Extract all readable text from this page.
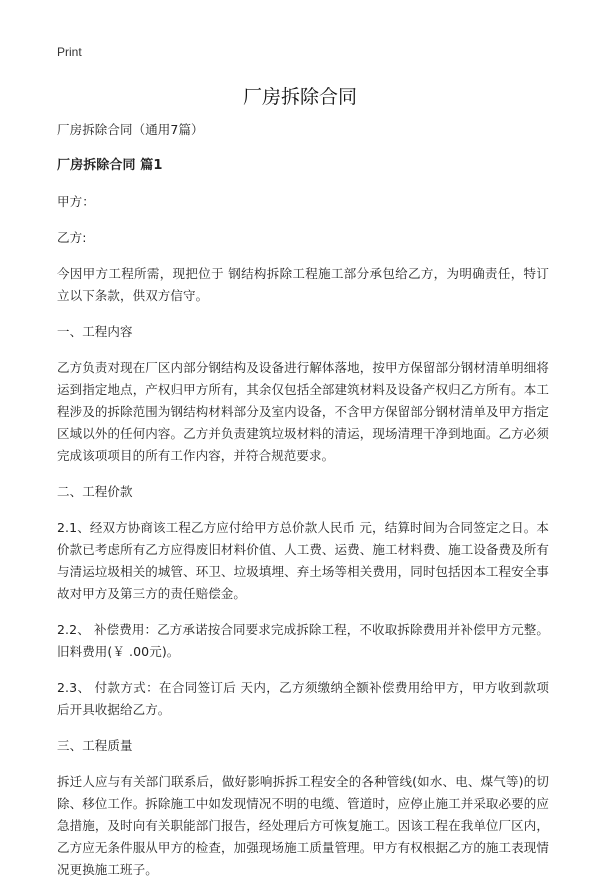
Print
厂房拆除合同

厂房拆除合同（通用7篇）

厂房拆除合同 篇1

甲方：

乙方:

今因甲方工程所需，现把位于 钢结构拆除工程施工部分承包给乙方，为明确责任，特订立以下条款，供双方信守。

一、工程内容

乙方负责对现在厂区内部分钢结构及设备进行解体落地，按甲方保留部分钢材清单明细将运到指定地点，产权归甲方所有，其余仅包括全部建筑材料及设备产权归乙方所有。本工程涉及的拆除范围为钢结构材料部分及室内设备，不含甲方保留部分钢材清单及甲方指定区域以外的任何内容。乙方并负责建筑垃圾材料的清运，现场清理干净到地面。乙方必须完成该项项目的所有工作内容，并符合规范要求。

二、工程价款

2.1、经双方协商该工程乙方应付给甲方总价款人民币 元，结算时间为合同签定之日。本价款已考虑所有乙方应得废旧材料价值、人工费、运费、施工材料费、施工设备费及所有与清运垃圾相关的城管、环卫、垃圾填埋、弃土场等相关费用，同时包括因本工程安全事故对甲方及第三方的责任赔偿金。

2.2、 补偿费用：乙方承诺按合同要求完成拆除工程，不收取拆除费用并补偿甲方元整。旧料费用(￥ .00元)。

2.3、 付款方式：在合同签订后 天内，乙方须缴纳全额补偿费用给甲方，甲方收到款项后开具收据给乙方。

三、工程质量

拆迁人应与有关部门联系后，做好影响拆拆工程安全的各种管线(如水、电、煤气等)的切除、移位工作。拆除施工中如发现情况不明的电缆、管道时，应停止施工并采取必要的应急措施，及时向有关职能部门报告，经处理后方可恢复施工。因该工程在我单位厂区内，乙方应无条件服从甲方的检查，加强现场施工质量管理。甲方有权根据乙方的施工表现情况更换施工班子。
